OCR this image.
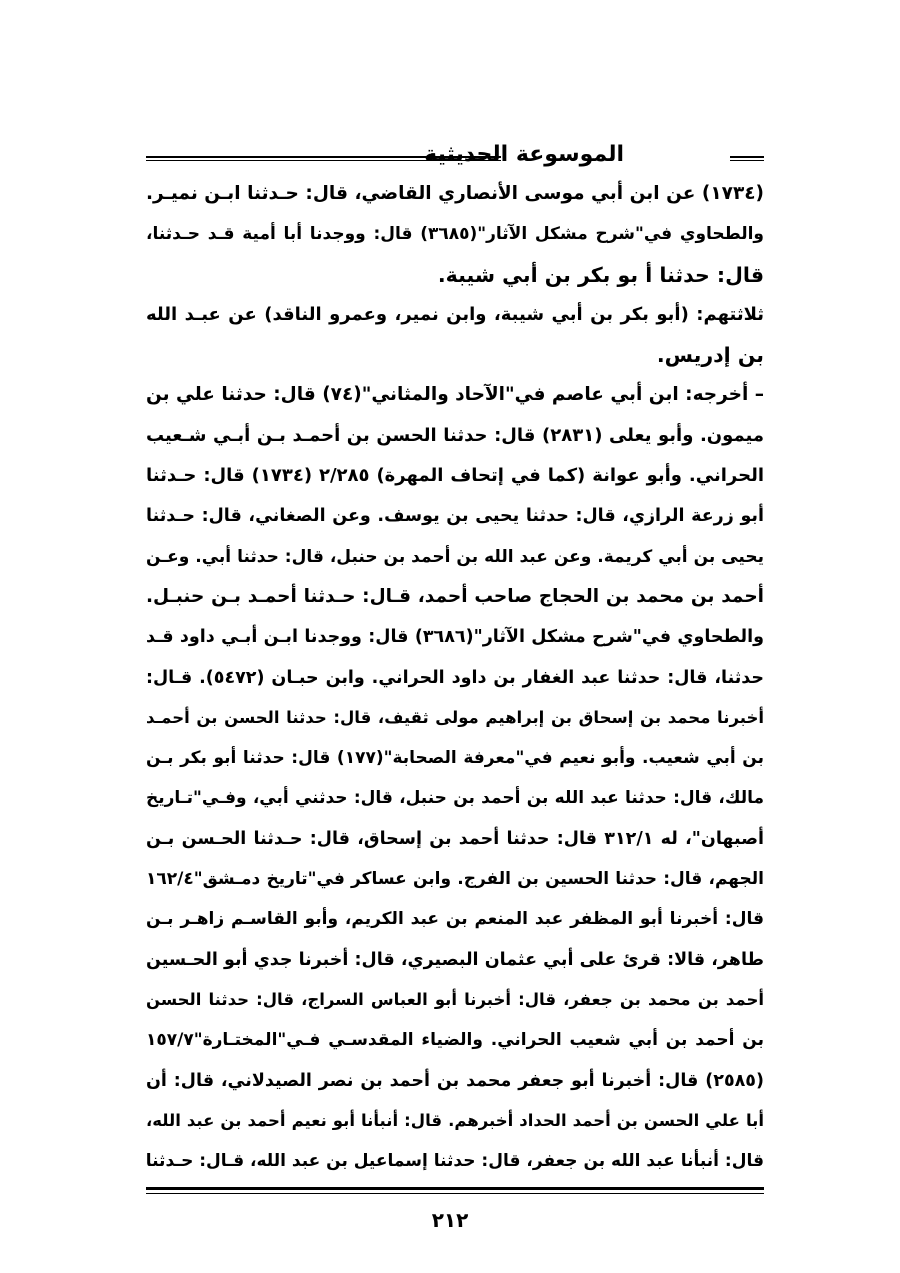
الموسوعة الحديثية
(١٧٣٤) عن ابن أبي موسى الأنصاري القاضي، قال: حـدثنا ابـن نميـر.
والطحاوي في"شرح مشكل الآثار"(٣٦٨٥) قال: ووجدنا أبا أمية قـد حـدثنا،
قال: حدثنا أ بو بكر بن أبي شيبة.
ثلاثتهم: (أبو بكر بن أبي شيبة، وابن نمير، وعمرو الناقد) عن عبـد الله
بن إدريس.
– أخرجه: ابن أبي عاصم في"الآحاد والمثاني"(٧٤) قال: حدثنا علي بن
ميمون. وأبو يعلى (٢٨٣١) قال: حدثنا الحسن بن أحمـد بـن أبـي شـعيب
الحراني. وأبو عوانة (كما في إتحاف المهرة) ٢/٢٨٥ (١٧٣٤) قال: حـدثنا
أبو زرعة الرازي، قال: حدثنا يحيى بن يوسف. وعن الصغاني، قال: حـدثنا
يحيى بن أبي كريمة. وعن عبد الله بن أحمد بن حنبل، قال: حدثنا أبي. وعـن
أحمد بن محمد بن الحجاج صاحب أحمد، قـال: حـدثنا أحمـد بـن حنبـل.
والطحاوي في"شرح مشكل الآثار"(٣٦٨٦) قال: ووجدنا ابـن أبـي داود قـد
حدثنا، قال: حدثنا عبد الغفار بن داود الحراني. وابن حبـان (٥٤٧٢). قـال:
أخبرنا محمد بن إسحاق بن إبراهيم مولى ثقيف، قال: حدثنا الحسن بن أحمـد
بن أبي شعيب. وأبو نعيم في"معرفة الصحابة"(١٧٧) قال: حدثنا أبو بكر بـن
مالك، قال: حدثنا عبد الله بن أحمد بن حنبل، قال: حدثني أبي، وفـي"تـاريخ
أصبهان"، له ٣١٢/١ قال: حدثنا أحمد بن إسحاق، قال: حـدثنا الحـسن بـن
الجهم، قال: حدثنا الحسين بن الفرج. وابن عساكر في"تاريخ دمـشق"١٦٢/٤
قال: أخبرنا أبو المظفر عبد المنعم بن عبد الكريم، وأبو القاسـم زاهـر بـن
طاهر، قالا: قرئ على أبي عثمان البصيري، قال: أخبرنا جدي أبو الحـسين
أحمد بن محمد بن جعفر، قال: أخبرنا أبو العباس السراج، قال: حدثنا الحسن
بن أحمد بن أبي شعيب الحراني. والضياء المقدسـي فـي"المختـارة"١٥٧/٧
(٢٥٨٥) قال: أخبرنا أبو جعفر محمد بن أحمد بن نصر الصيدلاني، قال: أن
أبا علي الحسن بن أحمد الحداد أخبرهم. قال: أنبأنا أبو نعيم أحمد بن عبد الله،
قال: أنبأنا عبد الله بن جعفر، قال: حدثنا إسماعيل بن عبد الله، قـال: حـدثنا
٢١٢
